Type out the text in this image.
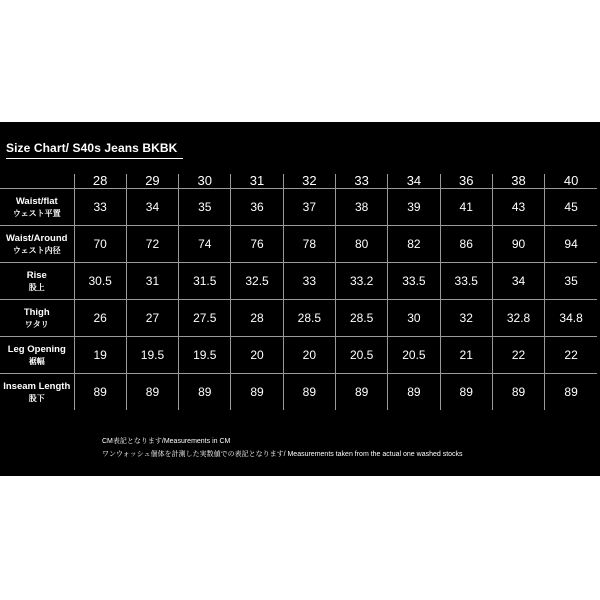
Size Chart/ S40s Jeans BKBK
	28	29	30	31	32	33	34	36	38	40

Waist/flat
ウェスト平置	33	34	35	36	37	38	39	41	43	45

Waist/Around
ウェスト内径	70	72	74	76	78	80	82	86	90	94

Rise
股上	30.5	31	31.5	32.5	33	33.2	33.5	33.5	34	35

Thigh
ワタリ	26	27	27.5	28	28.5	28.5	30	32	32.8	34.8

Leg Opening
裾幅	19	19.5	19.5	20	20	20.5	20.5	21	22	22

Inseam Length
股下	89	89	89	89	89	89	89	89	89	89
CM表記となります/Measurements in CM
ワンウォッシュ個体を計測した実数値での表記となります/ Measurements taken from the actual one washed stocks
